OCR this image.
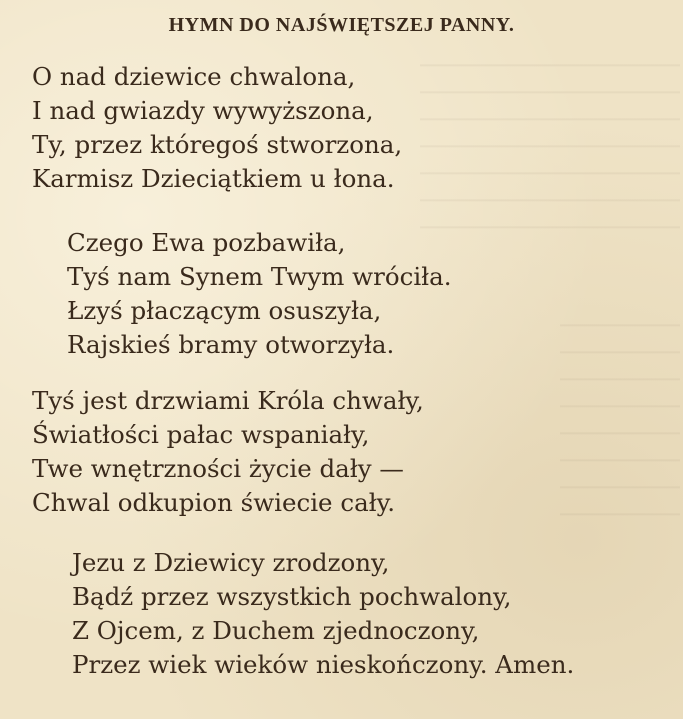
HYMN DO NAJŚWIĘTSZEJ PANNY.
O nad dziewice chwalona,
I nad gwiazdy wywyższona,
Ty, przez któregoś stworzona,
Karmisz Dzieciątkiem u łona.
Czego Ewa pozbawiła,
Tyś nam Synem Twym wróciła.
Łzyś płaczącym osuszyła,
Rajskieś bramy otworzyła.
Tyś jest drzwiami Króla chwały,
Światłości pałac wspaniały,
Twe wnętrzności życie dały —
Chwal odkupion świecie cały.
Jezu z Dziewicy zrodzony,
Bądź przez wszystkich pochwalony,
Z Ojcem, z Duchem zjednoczony,
Przez wiek wieków nieskończony. Amen.
